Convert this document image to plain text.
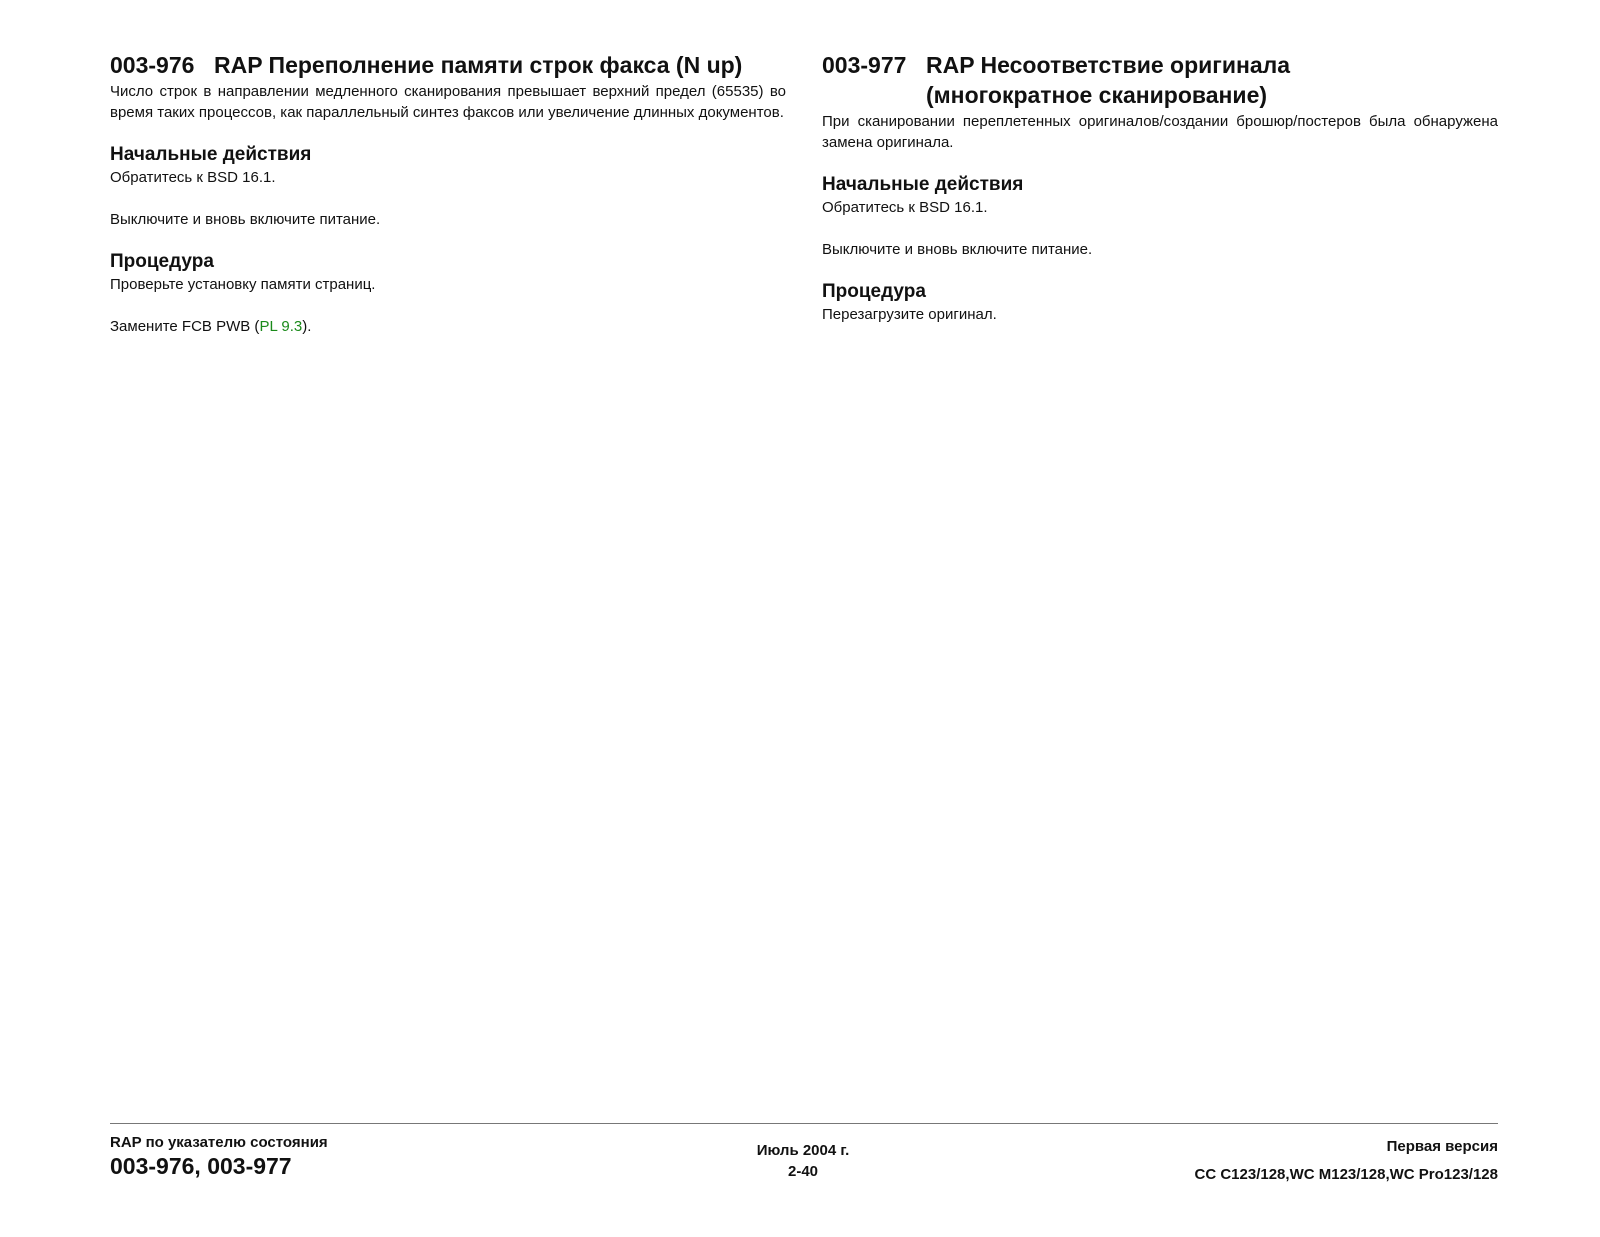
003-976 RAP Переполнение памяти строк факса (N up)

Число строк в направлении медленного сканирования превышает верхний предел (65535) во время таких процессов, как параллельный синтез факсов или увеличение длинных документов.

Начальные действия

Обратитесь к BSD 16.1.

Выключите и вновь включите питание.

Процедура

Проверьте установку памяти страниц.

Замените FCB PWB (PL 9.3).

003-977 RAP Несоответствие оригинала
(многократное сканирование)

При сканировании переплетенных оригиналов/создании брошюр/постеров была обнаружена замена оригинала.

Начальные действия

Обратитесь к BSD 16.1.

Выключите и вновь включите питание.

Процедура

Перезагрузите оригинал.

RAP по указателю состояния
003-976, 003-977
Июль 2004 г.
2-40
Первая версия
CC C123/128,WC M123/128,WC Pro123/128
